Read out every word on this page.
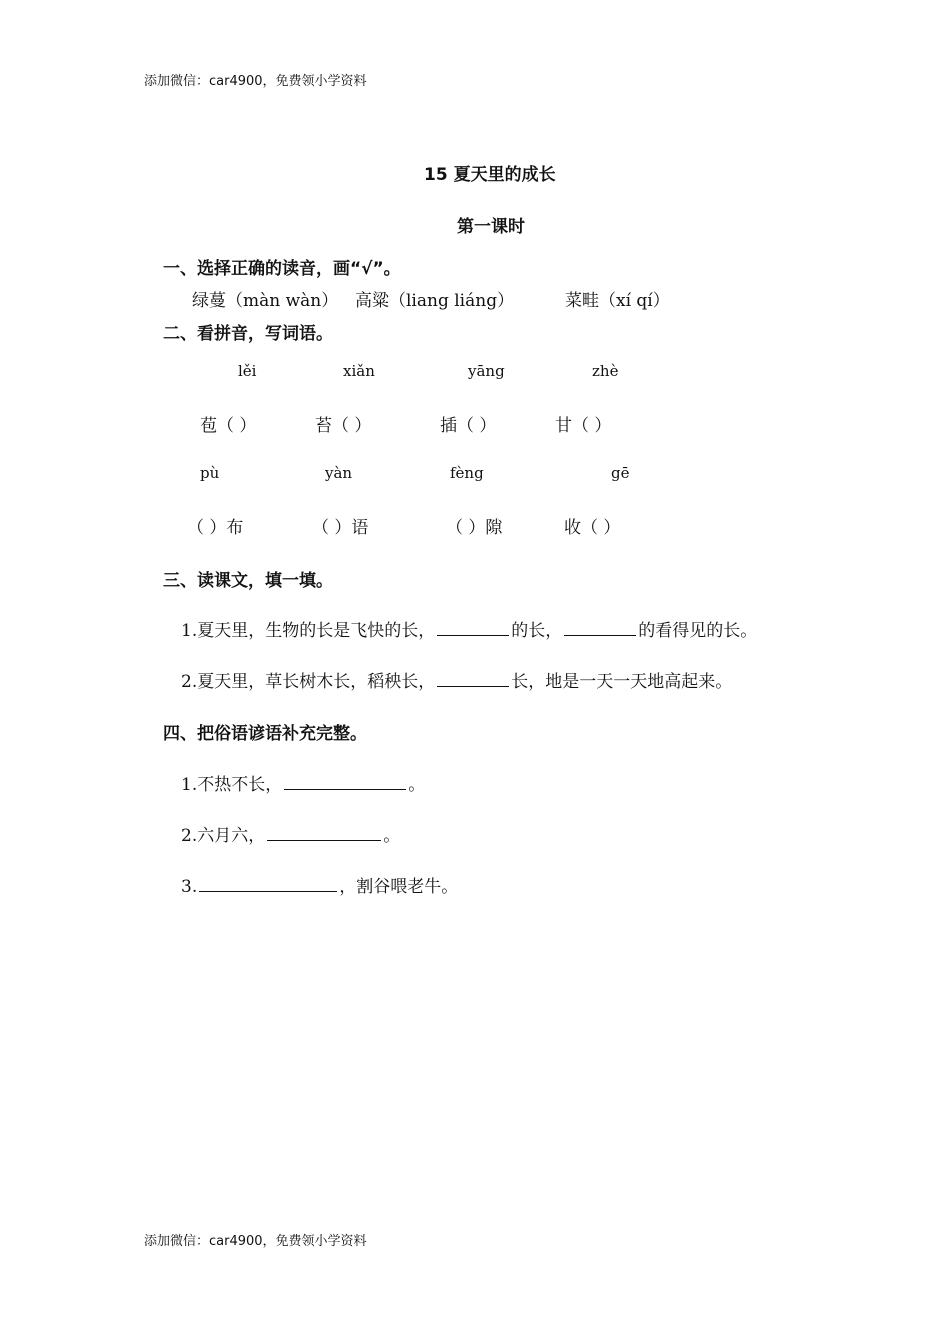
添加微信：car4900，免费领小学资料
15 夏天里的成长
第一课时
一、选择正确的读音，画“√”。
绿蔓（màn wàn） 高粱（liang liáng）	菜畦（xí qí）
二、看拼音，写词语。
lěi	xiǎn	yāng	zhè
苞（ ）	苔（ ）	插（ ）	甘（ ）
pù	yàn	fèng	gē
（ ）布	（ ）语	（ ）隙	收（ ）
三、读课文，填一填。
1.夏天里，生物的长是飞快的长，	的长，	的看得见的长。
2.夏天里，草长树木长，稻秧长，	长，地是一天一天地高起来。
四、把俗语谚语补充完整。
1.不热不长，	。
2.六月六，	。
3.	，割谷喂老牛。
添加微信：car4900，免费领小学资料
